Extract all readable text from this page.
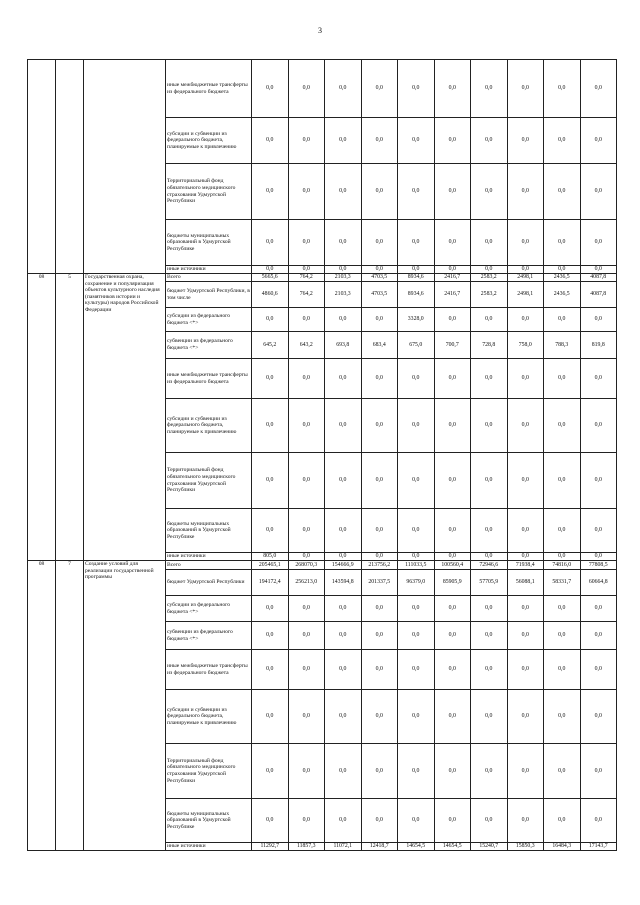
3
			иные межбюджетные трансферты из федерального бюджета	0,0	0,0	0,0	0,0	0,0	0,0	0,0	0,0	0,0	0,0
			субсидии и субвенции из федерального бюджета, планируемые к привлечению	0,0	0,0	0,0	0,0	0,0	0,0	0,0	0,0	0,0	0,0
			Территориальный фонд обязательного медицинского страхования Удмуртской Республики	0,0	0,0	0,0	0,0	0,0	0,0	0,0	0,0	0,0	0,0
			бюджеты муниципальных образований в Удмуртской Республике	0,0	0,0	0,0	0,0	0,0	0,0	0,0	0,0	0,0	0,0
			иные источники	0,0	0,0	0,0	0,0	0,0	0,0	0,0	0,0	0,0	0,0
08	5	Государственная охрана, сохранение и популяризация объектов культурного наследия (памятников истории и культуры) народов Российской Федерации	Всего	5665,6	764,2	2103,3	4703,5	8934,6	2416,7	2583,2	2498,1	2436,5	4087,8
			бюджет Удмуртской Республики, в том числе	4860,6	764,2	2103,3	4703,5	8934,6	2416,7	2583,2	2498,1	2436,5	4087,8
			субсидии из федерального бюджета <*>	0,0	0,0	0,0	0,0	3328,0	0,0	0,0	0,0	0,0	0,0
			субвенции из федерального бюджета <*>	645,2	643,2	693,8	683,4	675,0	700,7	728,8	758,0	788,3	819,8
			иные межбюджетные трансферты из федерального бюджета	0,0	0,0	0,0	0,0	0,0	0,0	0,0	0,0	0,0	0,0
			субсидии и субвенции из федерального бюджета, планируемые к привлечению	0,0	0,0	0,0	0,0	0,0	0,0	0,0	0,0	0,0	0,0
			Территориальный фонд обязательного медицинского страхования Удмуртской Республики	0,0	0,0	0,0	0,0	0,0	0,0	0,0	0,0	0,0	0,0
			бюджеты муниципальных образований в Удмуртской Республике	0,0	0,0	0,0	0,0	0,0	0,0	0,0	0,0	0,0	0,0
			иные источники	805,0	0,0	0,0	0,0	0,0	0,0	0,0	0,0	0,0	0,0
08	7	Создание условий для реализации государственной программы	Всего	205465,1	268070,3	154666,9	213756,2	111033,5	100560,4	72946,6	71938,4	74816,0	77808,5
			бюджет Удмуртской Республики	194172,4	256213,0	143594,8	201337,5	96379,0	85905,9	57705,9	56088,1	58331,7	60664,8
			субсидии из федерального бюджета <*>	0,0	0,0	0,0	0,0	0,0	0,0	0,0	0,0	0,0	0,0
			субвенции из федерального бюджета <*>	0,0	0,0	0,0	0,0	0,0	0,0	0,0	0,0	0,0	0,0
			иные межбюджетные трансферты из федерального бюджета	0,0	0,0	0,0	0,0	0,0	0,0	0,0	0,0	0,0	0,0
			субсидии и субвенции из федерального бюджета, планируемые к привлечению	0,0	0,0	0,0	0,0	0,0	0,0	0,0	0,0	0,0	0,0
			Территориальный фонд обязательного медицинского страхования Удмуртской Республики	0,0	0,0	0,0	0,0	0,0	0,0	0,0	0,0	0,0	0,0
			бюджеты муниципальных образований в Удмуртской Республике	0,0	0,0	0,0	0,0	0,0	0,0	0,0	0,0	0,0	0,0
			иные источники	11292,7	11857,3	11072,1	12418,7	14654,5	14654,5	15240,7	15850,3	16484,3	17143,7
